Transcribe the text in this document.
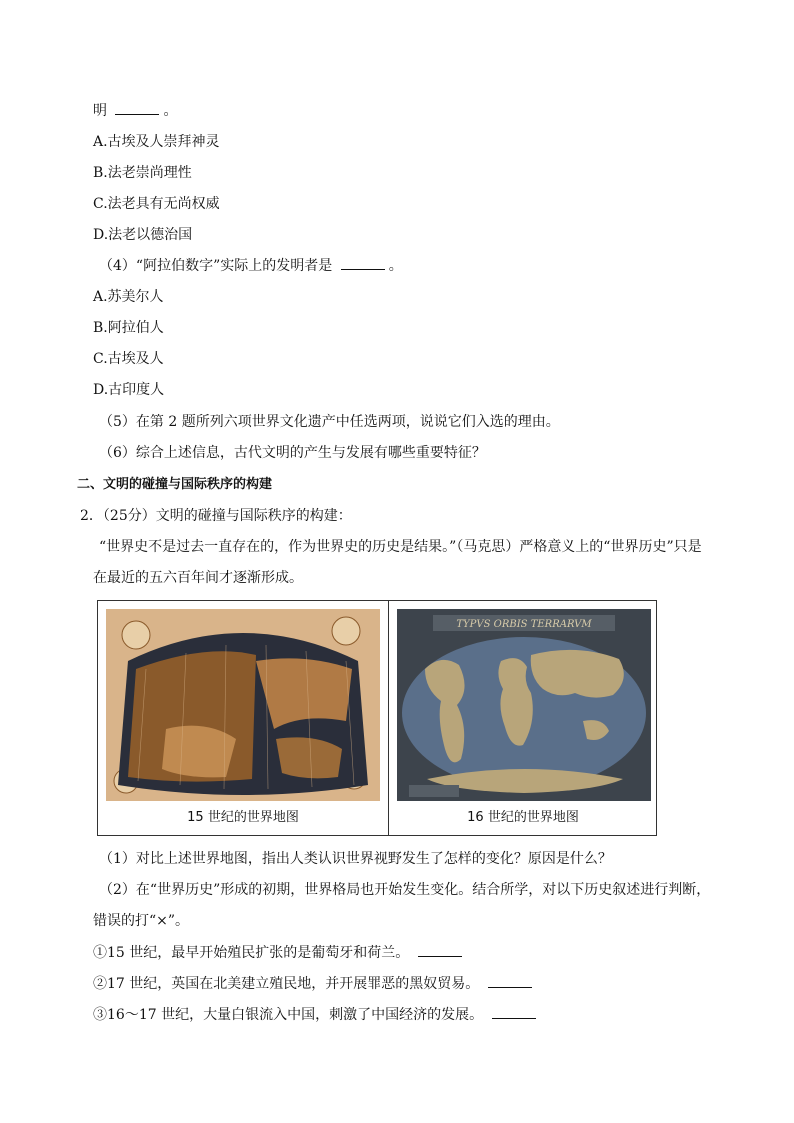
明	。
A.古埃及人崇拜神灵
B.法老崇尚理性
C.法老具有无尚权威
D.法老以德治国
（4）“阿拉伯数字”实际上的发明者是	。
A.苏美尔人
B.阿拉伯人
C.古埃及人
D.古印度人
（5）在第 2 题所列六项世界文化遗产中任选两项，说说它们入选的理由。
（6）综合上述信息，古代文明的产生与发展有哪些重要特征？
二、文明的碰撞与国际秩序的构建
2．（25分）文明的碰撞与国际秩序的构建：
“世界史不是过去一直存在的，作为世界史的历史是结果。”（马克思）严格意义上的“世界历史”只是
在最近的五六百年间才逐渐形成。
15 世纪的世界地图
TYPVS ORBIS TERRARVM
16 世纪的世界地图
（1）对比上述世界地图，指出人类认识世界视野发生了怎样的变化？原因是什么？
（2）在“世界历史”形成的初期，世界格局也开始发生变化。结合所学，对以下历史叙述进行判断，
错误的打“×”。
①15 世纪，最早开始殖民扩张的是葡萄牙和荷兰。
②17 世纪，英国在北美建立殖民地，并开展罪恶的黑奴贸易。
③16～17 世纪，大量白银流入中国，刺激了中国经济的发展。
